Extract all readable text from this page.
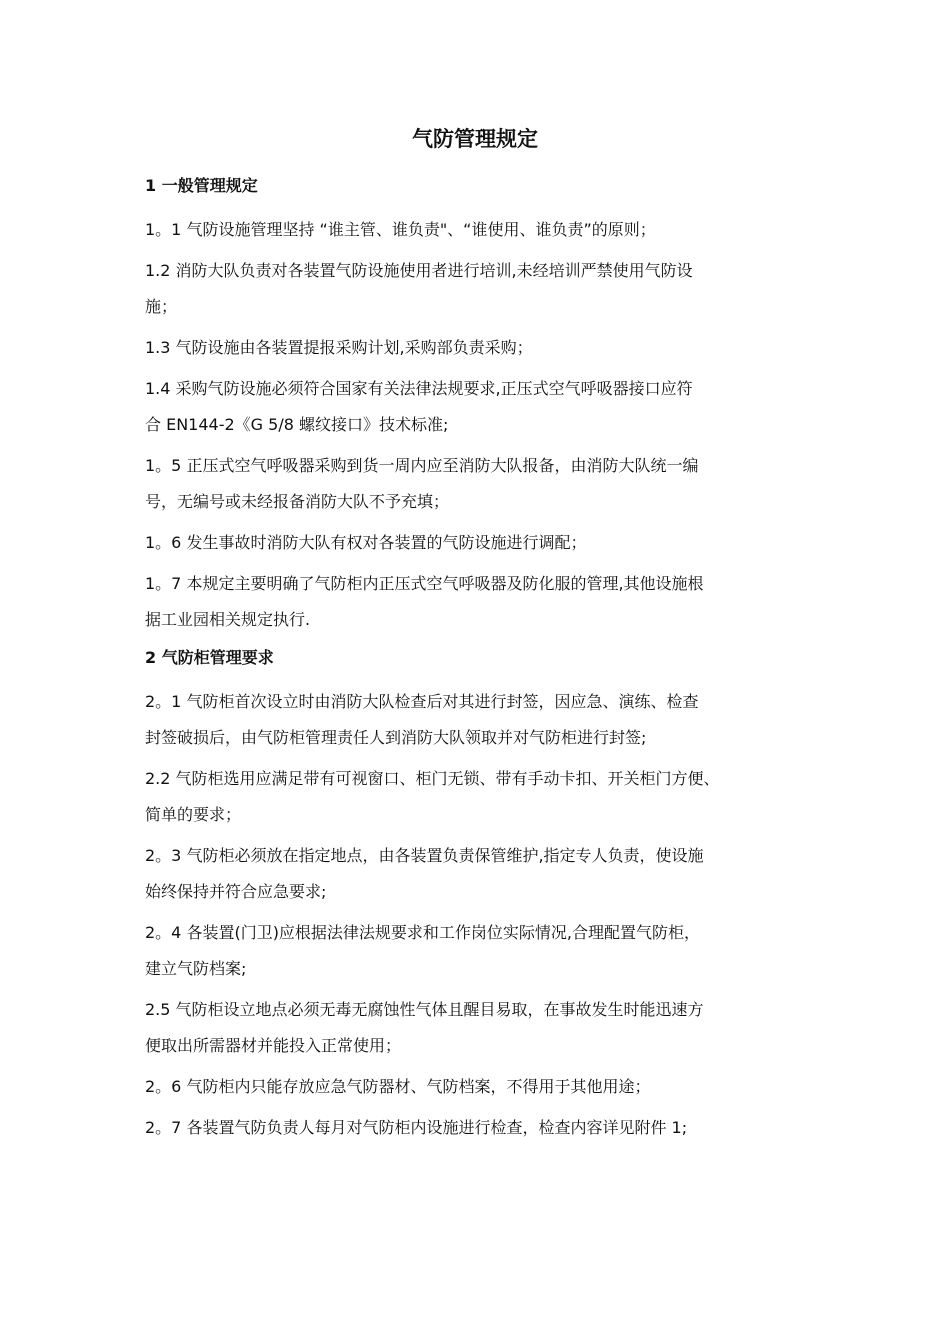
气防管理规定
1 一般管理规定
1。1 气防设施管理坚持 “谁主管、谁负责"、“谁使用、谁负责”的原则；
1.2 消防大队负责对各装置气防设施使用者进行培训,未经培训严禁使用气防设
施；
1.3 气防设施由各装置提报采购计划,采购部负责采购；
1.4 采购气防设施必须符合国家有关法律法规要求,正压式空气呼吸器接口应符
合 EN144-2《G 5/8 螺纹接口》技术标准;
1。5 正压式空气呼吸器采购到货一周内应至消防大队报备，由消防大队统一编
号，无编号或未经报备消防大队不予充填；
1。6 发生事故时消防大队有权对各装置的气防设施进行调配；
1。7 本规定主要明确了气防柜内正压式空气呼吸器及防化服的管理,其他设施根
据工业园相关规定执行.
2 气防柜管理要求
2。1 气防柜首次设立时由消防大队检查后对其进行封签，因应急、演练、检查
封签破损后，由气防柜管理责任人到消防大队领取并对气防柜进行封签;
2.2 气防柜选用应满足带有可视窗口、柜门无锁、带有手动卡扣、开关柜门方便、
简单的要求；
2。3 气防柜必须放在指定地点，由各装置负责保管维护,指定专人负责，使设施
始终保持并符合应急要求;
2。4 各装置(门卫)应根据法律法规要求和工作岗位实际情况,合理配置气防柜，
建立气防档案;
2.5 气防柜设立地点必须无毒无腐蚀性气体且醒目易取，在事故发生时能迅速方
便取出所需器材并能投入正常使用；
2。6 气防柜内只能存放应急气防器材、气防档案，不得用于其他用途；
2。7 各装置气防负责人每月对气防柜内设施进行检查，检查内容详见附件 1;
